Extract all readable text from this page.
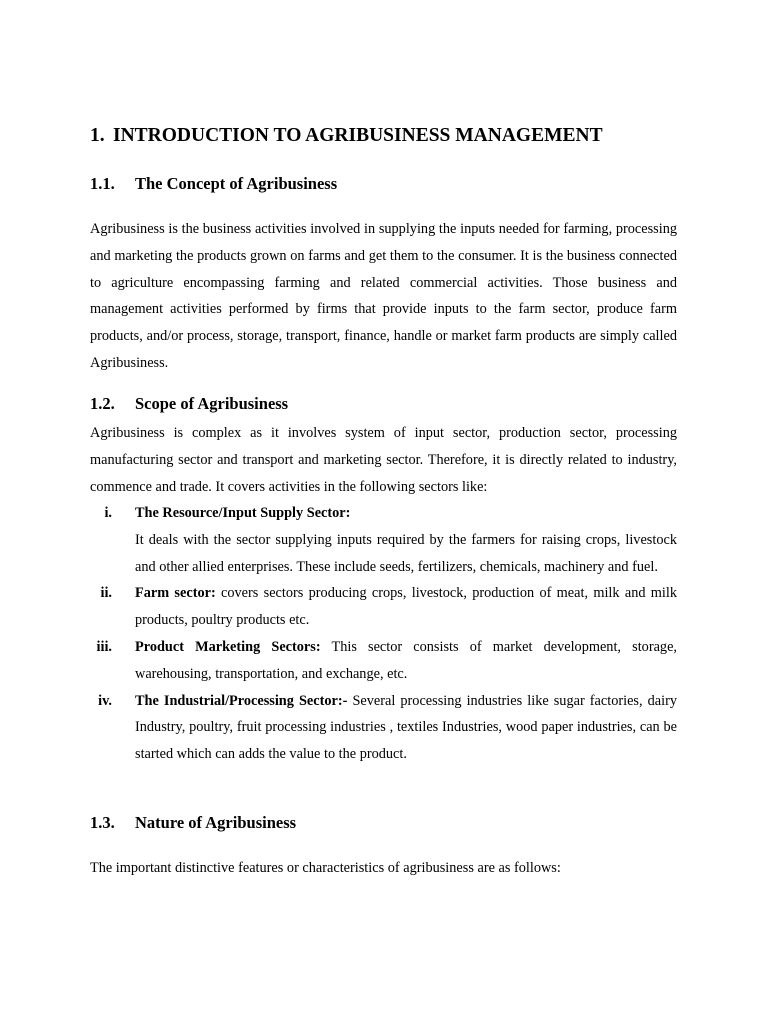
1. INTRODUCTION TO AGRIBUSINESS MANAGEMENT
1.1. The Concept of Agribusiness
Agribusiness is the business activities involved in supplying the inputs needed for farming, processing and marketing the products grown on farms and get them to the consumer. It is the business connected to agriculture encompassing farming and related commercial activities. Those business and management activities performed by firms that provide inputs to the farm sector, produce farm products, and/or process, storage, transport, finance, handle or market farm products are simply called Agribusiness.
1.2. Scope of Agribusiness
Agribusiness is complex as it involves system of input sector, production sector, processing manufacturing sector and transport and marketing sector. Therefore, it is directly related to industry, commence and trade. It covers activities in the following sectors like:
i. The Resource/Input Supply Sector:
It deals with the sector supplying inputs required by the farmers for raising crops, livestock and other allied enterprises. These include seeds, fertilizers, chemicals, machinery and fuel.
ii. Farm sector: covers sectors producing crops, livestock, production of meat, milk and milk products, poultry products etc.
iii. Product Marketing Sectors: This sector consists of market development, storage, warehousing, transportation, and exchange, etc.
iv. The Industrial/Processing Sector:- Several processing industries like sugar factories, dairy Industry, poultry, fruit processing industries , textiles Industries, wood paper industries, can be started which can adds the value to the product.
1.3. Nature of Agribusiness
The important distinctive features or characteristics of agribusiness are as follows:
